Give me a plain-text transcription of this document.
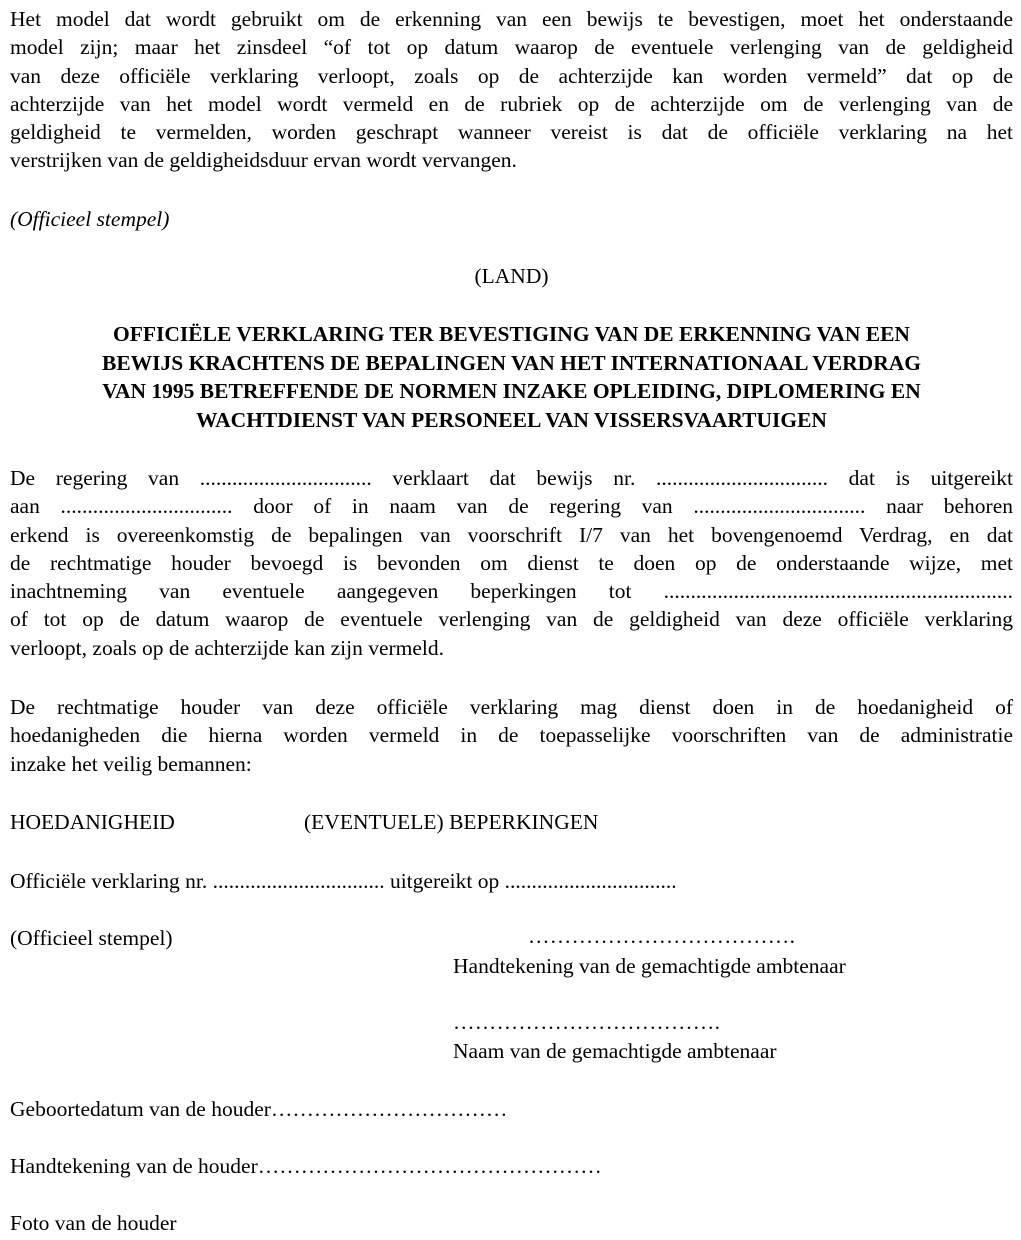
Het model dat wordt gebruikt om de erkenning van een bewijs te bevestigen, moet het onderstaande
model zijn; maar het zinsdeel “of tot op datum waarop de eventuele verlenging van de geldigheid
van deze officiële verklaring verloopt, zoals op de achterzijde kan worden vermeld” dat op de
achterzijde van het model wordt vermeld en de rubriek op de achterzijde om de verlenging van de
geldigheid te vermelden, worden geschrapt wanneer vereist is dat de officiële verklaring na het
verstrijken van de geldigheidsduur ervan wordt vervangen.
(Officieel stempel)
(LAND)
OFFICIËLE VERKLARING TER BEVESTIGING VAN DE ERKENNING VAN EEN
BEWIJS KRACHTENS DE BEPALINGEN VAN HET INTERNATIONAAL VERDRAG
VAN 1995 BETREFFENDE DE NORMEN INZAKE OPLEIDING, DIPLOMERING EN
WACHTDIENST VAN PERSONEEL VAN VISSERSVAARTUIGEN
De regering van ................................ verklaart dat bewijs nr. ................................ dat is uitgereikt
aan ................................ door of in naam van de regering van ................................ naar behoren
erkend is overeenkomstig de bepalingen van voorschrift I/7 van het bovengenoemd Verdrag, en dat
de rechtmatige houder bevoegd is bevonden om dienst te doen op de onderstaande wijze, met
inachtneming van eventuele aangegeven beperkingen tot .................................................................
of tot op de datum waarop de eventuele verlenging van de geldigheid van deze officiële verklaring
verloopt, zoals op de achterzijde kan zijn vermeld.
De rechtmatige houder van deze officiële verklaring mag dienst doen in de hoedanigheid of
hoedanigheden die hierna worden vermeld in de toepasselijke voorschriften van de administratie
inzake het veilig bemannen:
HOEDANIGHEID	(EVENTUELE) BEPERKINGEN
Officiële verklaring nr. ................................ uitgereikt op ................................
(Officieel stempel)	……………………………….
Handtekening van de gemachtigde ambtenaar
……………………………….
Naam van de gemachtigde ambtenaar
Geboortedatum van de houder……………………………
Handtekening van de houder…………………………………………
Foto van de houder
